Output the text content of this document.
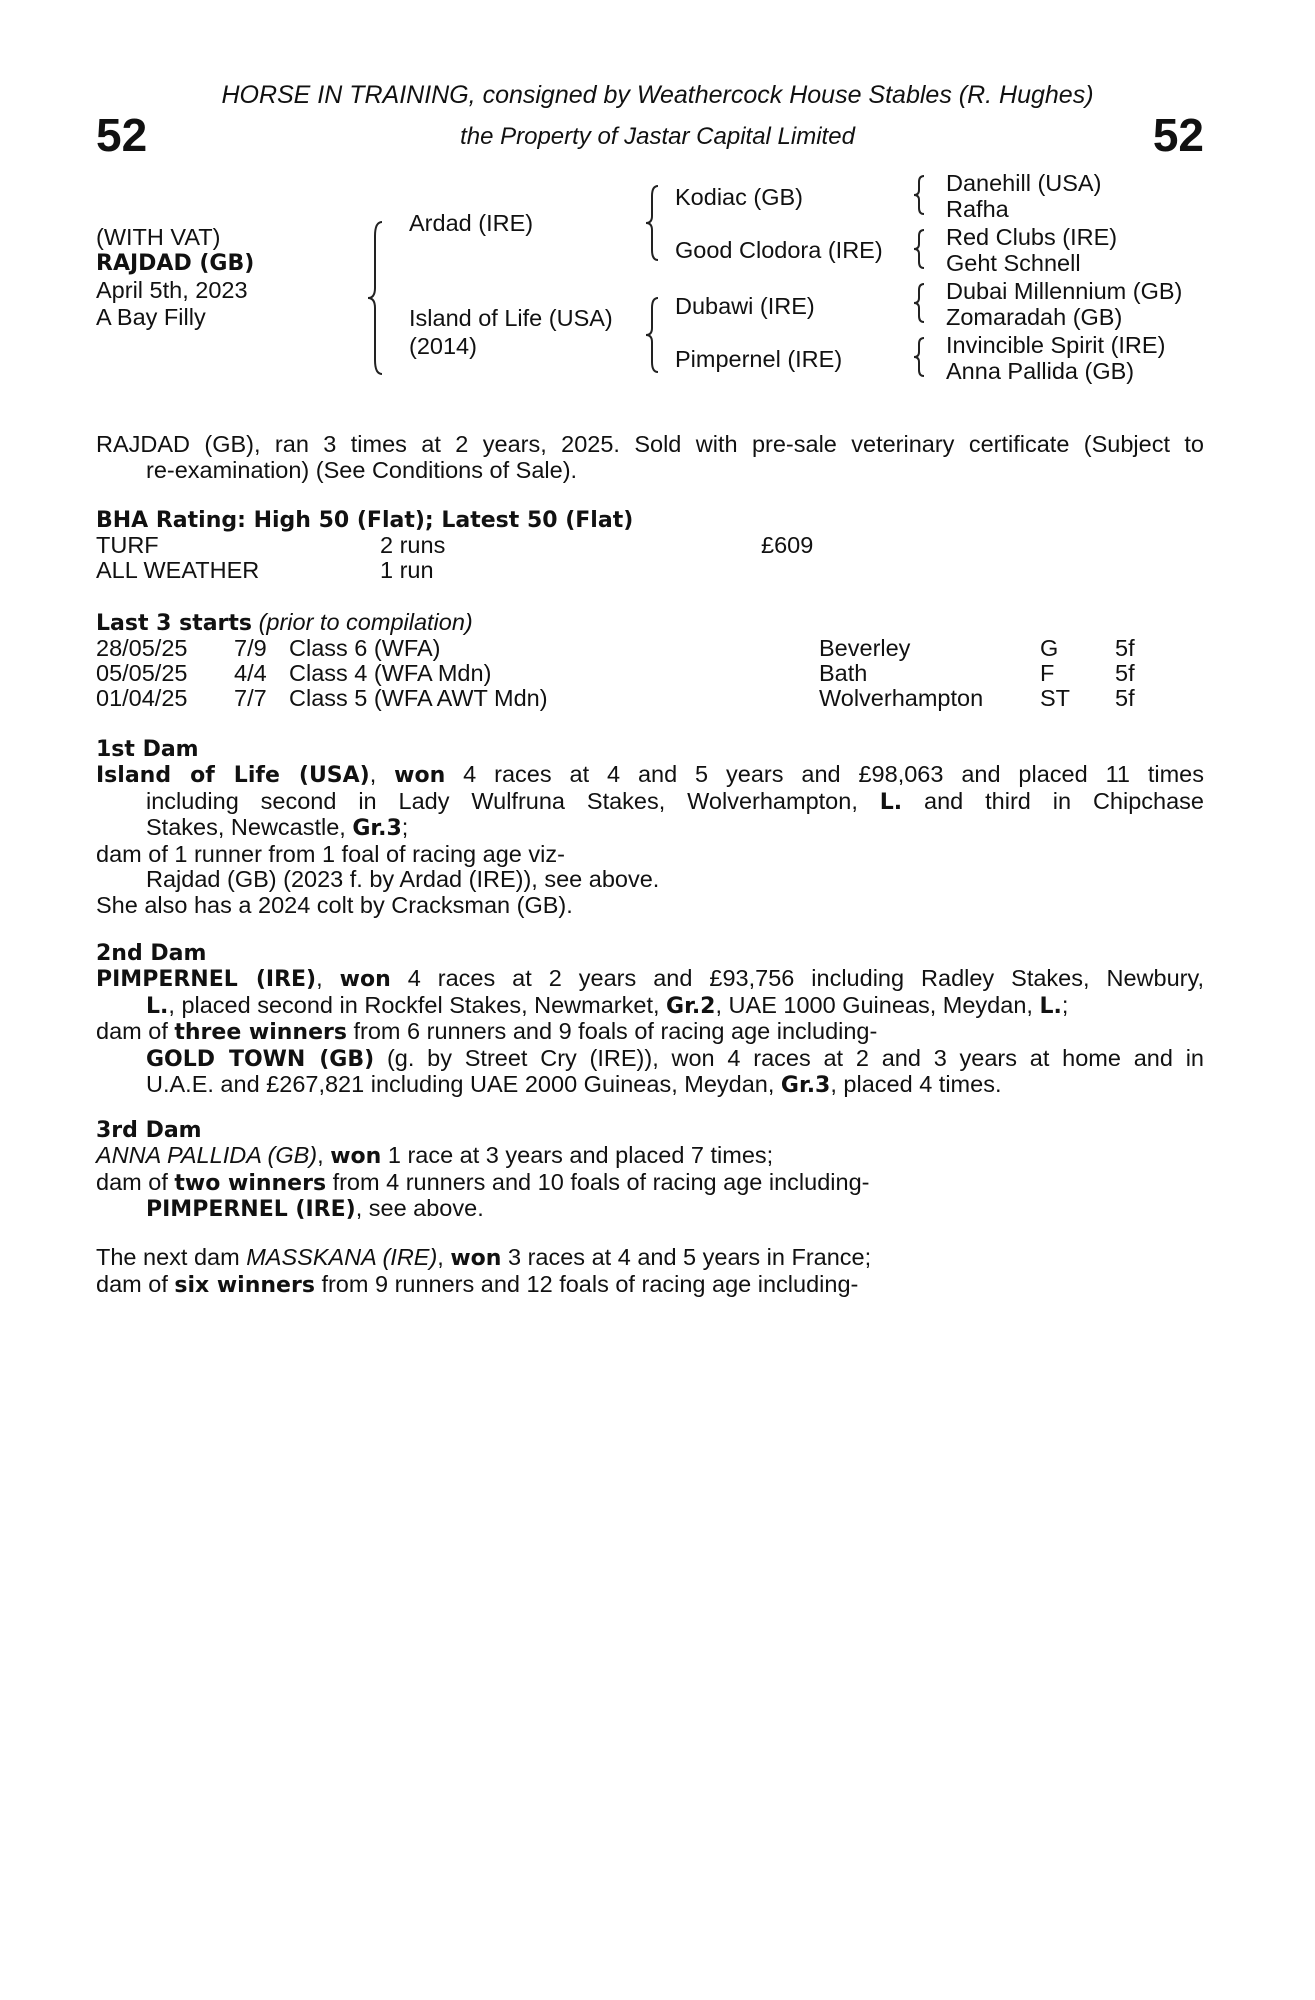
52	52
HORSE IN TRAINING, consigned by Weathercock House Stables (R. Hughes)
the Property of Jastar Capital Limited
(WITH VAT)
RAJDAD (GB)
April 5th, 2023
A Bay Filly
Ardad (IRE)
Island of Life (USA)
(2014)
Kodiac (GB)
Good Clodora (IRE)
Dubawi (IRE)
Pimpernel (IRE)
Danehill (USA)
Rafha
Red Clubs (IRE)
Geht Schnell
Dubai Millennium (GB)
Zomaradah (GB)
Invincible Spirit (IRE)
Anna Pallida (GB)
RAJDAD (GB), ran 3 times at 2 years, 2025. Sold with pre-sale veterinary certificate (Subject to
re-examination) (See Conditions of Sale).
BHA Rating: High 50 (Flat); Latest 50 (Flat)
TURF	2 runs	£609
ALL WEATHER	1 run
Last 3 starts (prior to compilation)
28/05/25 7/9 Class 6 (WFA)	Beverley	G 5f
05/05/25 4/4 Class 4 (WFA Mdn)	Bath	F	5f
01/04/25 7/7 Class 5 (WFA AWT Mdn)	Wolverhampton ST 5f
1st Dam
Island of Life (USA), won 4 races at 4 and 5 years and £98,063 and placed 11 times
including second in Lady Wulfruna Stakes, Wolverhampton, L. and third in Chipchase
Stakes, Newcastle, Gr.3;
dam of 1 runner from 1 foal of racing age viz-
Rajdad (GB) (2023 f. by Ardad (IRE)), see above.
She also has a 2024 colt by Cracksman (GB).
2nd Dam
PIMPERNEL (IRE), won 4 races at 2 years and £93,756 including Radley Stakes, Newbury,
L., placed second in Rockfel Stakes, Newmarket, Gr.2, UAE 1000 Guineas, Meydan, L.;
dam of three winners from 6 runners and 9 foals of racing age including-
GOLD TOWN (GB) (g. by Street Cry (IRE)), won 4 races at 2 and 3 years at home and in
U.A.E. and £267,821 including UAE 2000 Guineas, Meydan, Gr.3, placed 4 times.
3rd Dam
ANNA PALLIDA (GB), won 1 race at 3 years and placed 7 times;
dam of two winners from 4 runners and 10 foals of racing age including-
PIMPERNEL (IRE), see above.
The next dam MASSKANA (IRE), won 3 races at 4 and 5 years in France;
dam of six winners from 9 runners and 12 foals of racing age including-
